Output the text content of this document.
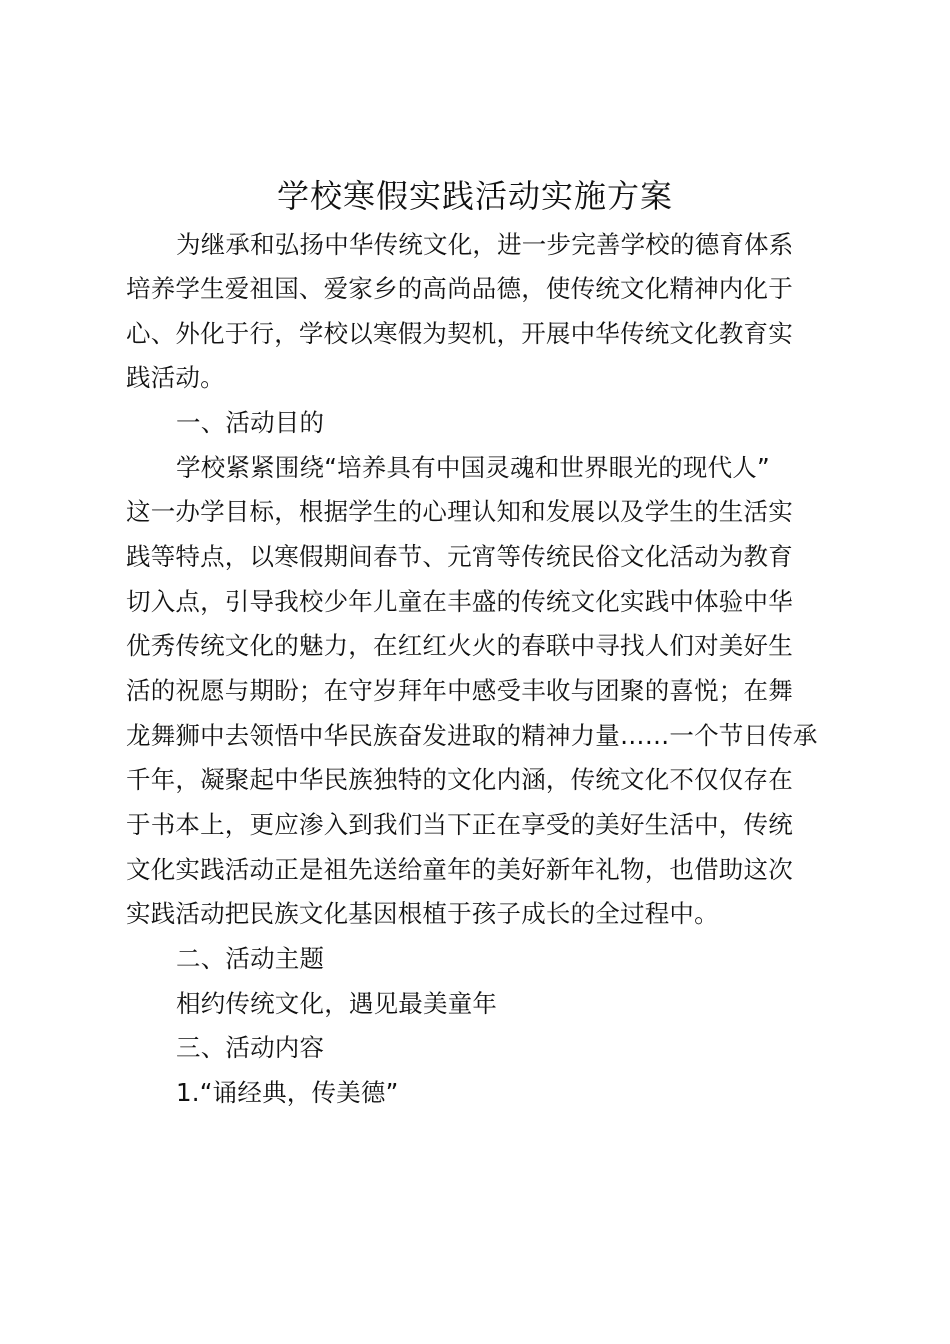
学校寒假实践活动实施方案
为继承和弘扬中华传统文化，进一步完善学校的德育体系
培养学生爱祖国、爱家乡的高尚品德，使传统文化精神内化于
心、外化于行，学校以寒假为契机，开展中华传统文化教育实
践活动。
一、活动目的
学校紧紧围绕“培养具有中国灵魂和世界眼光的现代人”
这一办学目标，根据学生的心理认知和发展以及学生的生活实
践等特点，以寒假期间春节、元宵等传统民俗文化活动为教育
切入点，引导我校少年儿童在丰盛的传统文化实践中体验中华
优秀传统文化的魅力，在红红火火的春联中寻找人们对美好生
活的祝愿与期盼；在守岁拜年中感受丰收与团聚的喜悦；在舞
龙舞狮中去领悟中华民族奋发进取的精神力量……一个节日传承
千年，凝聚起中华民族独特的文化内涵，传统文化不仅仅存在
于书本上，更应渗入到我们当下正在享受的美好生活中，传统
文化实践活动正是祖先送给童年的美好新年礼物，也借助这次
实践活动把民族文化基因根植于孩子成长的全过程中。
二、活动主题
相约传统文化，遇见最美童年
三、活动内容
1.“诵经典，传美德”
